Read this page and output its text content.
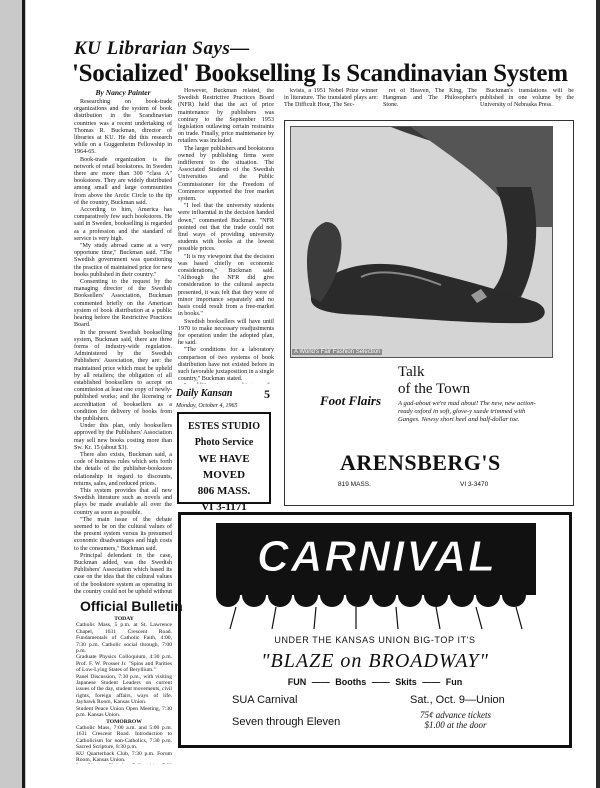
KU Librarian Says—
'Socialized' Bookselling Is Scandinavian System

By Nancy Painter

Researching on book-trade organizations and the system of book distribution in the Scandinavian countries was a recent undertaking of Thomas R. Buckman, director of libraries at KU. He did this research while on a Guggenheim Fellowship in 1964-65.

Book-trade organization is the network of retail bookstores. In Sweden there are more than 300 "class A" bookstores. They are widely distributed among small and large communities from above the Arctic Circle to the tip of the country, Buckman said.

According to him, America has comparatively few such bookstores. He said in Sweden, bookselling is regarded as a profession and the standard of service is very high.

"My study abroad came at a very opportune time," Buckman said. "The Swedish government was questioning the practice of maintained price for new books published in their country."

Consenting to the request by the managing director of the Swedish Booksellers' Association, Buckman commented briefly on the American system of book distribution at a public hearing before the Restrictive Practices Board.

In the present Swedish bookselling system, Buckman said, there are three forms of industry-wide regulation. Administered by the Swedish Publishers' Association, they are: the maintained price which must be upheld by all retailers; the obligation of all established booksellers to accept on commission at least one copy of newly-published works; and the licensing or accreditation of booksellers as a condition for delivery of books from the publishers.

Under this plan, only booksellers approved by the Publishers' Association may sell new books costing more than Sw. Kr. 15 (about $3).

There also exists, Buckman said, a code of business rules which sets forth the details of the publisher-bookstore relationship in regard to discounts, returns, sales, and reduced prices.

This system provides that all new Swedish literature such as novels and plays be made available all over the country as soon as possible.

"The main issue of the debate seemed to be on the cultural values of the present system versus its presumed economic disadvantages and high costs to the consumers," Buckman said.

Principal defendant in the case, Buckman added, was the Swedish Publishers' Association which based its case on the idea that the cultural values of the bookstore system as operating in the country could not be upheld without

However, Buckman related, the Swedish Restrictive Practices Board (NFR) held that the act of price maintenance by publishers was contrary to the September 1953 legislation outlawing certain restraints on trade. Finally, price maintenance by retailers was included.

The larger publishers and bookstores owned by publishing firms were indifferent to the situation. The Associated Students of the Swedish Universities and the Public Commissioner for the Freedom of Commerce supported the free market system.

"I feel that the university students were influential in the decision handed down," commented Buckman. "NFR pointed out that the trade could not find ways of providing university students with books at the lowest possible prices.

"It is my viewpoint that the decision was based chiefly on economic considerations," Buckman said. "Although the NFR did give consideration to the cultural aspects presented, it was felt that they were of minor importance separately and no basis could result from a free-market in books."

Swedish booksellers will have until 1970 to make necessary readjustments for operation under the adopted plan, he said.

"The conditions for a laboratory comparison of two systems of book distribution have not existed before in such favorable juxtaposition in a single country," Buckman stated.

kvists, a 1951 Nobel Prize winner in literature. The translated plays are: The Difficult Hour, The Sec-

ret of Heaven, The King, The Hangman and The Philosopher's Stone.

Buckman's translations will be published in one volume by the University of Nebraska Press.

Daily Kansan	5
Monday, October 4, 1965
ESTES STUDIO
Photo Service
WE HAVE MOVED
806 MASS.
VI 3-1171
Official Bulletin
TODAY
Catholic Mass, 5 p.m. at St. Lawrence Chapel, 1631 Crescent Road. Fundamentals of Catholic Faith, 4:00, 7:30 p.m. Catholic social through, 7:00 p.m.
Graduate Physics Colloquium, 4:30 p.m. Prof. F. W. Prosser Jr. "Spins and Parities of Low-Lying States of Beryllium."
Panel Discussion, 7:30 p.m., with visiting Japanese Student Leaders on current issues of the day, student movements, civil rights, foreign affairs, ways of life. Jayhawk Room, Kansas Union.
Student Peace Union Open Meeting, 7:30 p.m. Kansas Union.
TOMORROW
Catholic Mass, 7:00 a.m. and 5:00 p.m. 1631 Crescent Road. Introduction to Catholicism for non-Catholics, 7:30 p.m. Sacred Scripture, 8:30 p.m.
KU Quarterback Club, 7:30 p.m. Forum Room, Kansas Union.
A World's Fair Fashion Selection
Talk
of the Town
Foot Flairs	A gad-about we're mad about! The new, new action-ready oxford in soft, glove-y suede trimmed with Ganges. Newsy short heel and half-dollar toe.
ARENSBERG'S
819 MASS.	VI 3-3470
CARNIVAL
UNDER THE KANSAS UNION BIG-TOP IT'S
"BLAZE on BROADWAY"
FUN —— Booths —— Skits —— Fun
SUA Carnival	Sat., Oct. 9—Union
Seven through Eleven
75¢ advance tickets
$1.00 at the door
